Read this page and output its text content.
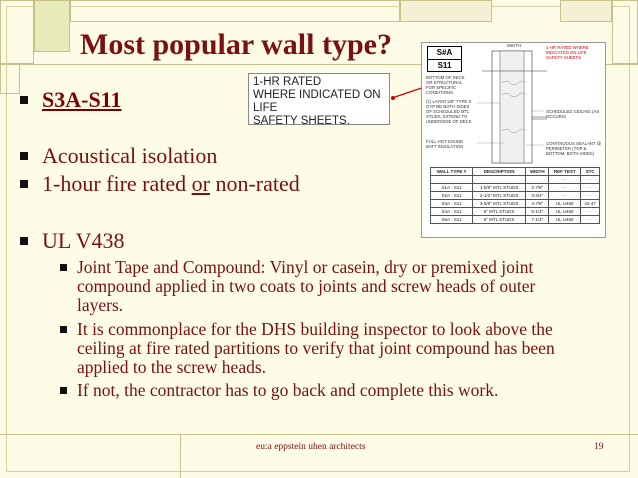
Most popular wall type?
1-HR RATED
WHERE INDICATED ON LIFE
SAFETY SHEETS.
S#A
S11
WIDTH	1-HR RATED WHERE INDICATED ON LIFE SAFETY SHEETS
BOTTOM OF DECK OR STRUCTURAL FOR SPECIFIC CONDITIONS
(1) LAYER 5/8" TYPE X GYP BD BOTH SIDES OF SCHEDULED MTL STUDS, EXTEND TO UNDERSIDE OF DECK
SCHEDULED CEILING (AS OCCURS)
FULL HGT SOUND BATT INSULATION
CONTINUOUS SEALANT @ PERIMETER (TOP & BOTTOM, BOTH SIDES)
WALL TYPE #	DESCRIPTION	WIDTH	REF TEST	STC
			-	-
S1A - S11	1-5/8" MTL STUDS	2-7/8"	-	-
S2A - S11	2-1/2" MTL STUDS	3-3/4"	-	-
S3A - S11	3-5/8" MTL STUDS	4-7/8"	UL U465	42-47
S4A - S11	6" MTL STUDS	5-1/4"	UL U465	-
S6A - S11	6" MTL STUDS	7-1/4"	UL U465	-
S3A-S11
Acoustical isolation
1-hour fire rated or non-rated
UL V438
Joint Tape and Compound: Vinyl or casein, dry or premixed joint compound applied in two coats to joints and screw heads of outer layers.
It is commonplace for the DHS building inspector to look above the ceiling at fire rated partitions to verify that joint compound has been applied to the screw heads.
If not, the contractor has to go back and complete this work.
eu:a eppstein uhen architects	19
